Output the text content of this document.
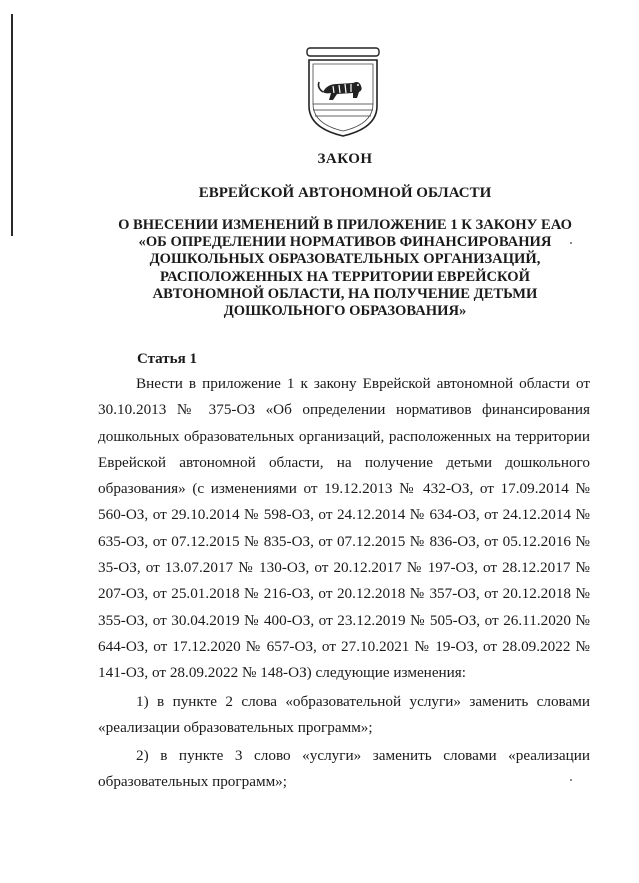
ЗАКОН
ЕВРЕЙСКОЙ АВТОНОМНОЙ ОБЛАСТИ
О ВНЕСЕНИИ ИЗМЕНЕНИЙ В ПРИЛОЖЕНИЕ 1 К ЗАКОНУ ЕАО
«ОБ ОПРЕДЕЛЕНИИ НОРМАТИВОВ ФИНАНСИРОВАНИЯ
ДОШКОЛЬНЫХ ОБРАЗОВАТЕЛЬНЫХ ОРГАНИЗАЦИЙ,
РАСПОЛОЖЕННЫХ НА ТЕРРИТОРИИ ЕВРЕЙСКОЙ
АВТОНОМНОЙ ОБЛАСТИ, НА ПОЛУЧЕНИЕ ДЕТЬМИ
ДОШКОЛЬНОГО ОБРАЗОВАНИЯ»
Статья 1

Внести в приложение 1 к закону Еврейской автономной области от 30.10.2013 № 375-ОЗ «Об определении нормативов финансирования дошкольных образовательных организаций, расположенных на территории Еврейской автономной области, на получение детьми дошкольного образования» (с изменениями от 19.12.2013 № 432-ОЗ, от 17.09.2014 № 560-ОЗ, от 29.10.2014 № 598-ОЗ, от 24.12.2014 № 634-ОЗ, от 24.12.2014 № 635-ОЗ, от 07.12.2015 № 835-ОЗ, от 07.12.2015 № 836-ОЗ, от 05.12.2016 № 35-ОЗ, от 13.07.2017 № 130-ОЗ, от 20.12.2017 № 197-ОЗ, от 28.12.2017 № 207-ОЗ, от 25.01.2018 № 216-ОЗ, от 20.12.2018 № 357-ОЗ, от 20.12.2018 № 355-ОЗ, от 30.04.2019 № 400-ОЗ, от 23.12.2019 № 505-ОЗ, от 26.11.2020 № 644-ОЗ, от 17.12.2020 № 657-ОЗ, от 27.10.2021 № 19-ОЗ, от 28.09.2022 № 141-ОЗ, от 28.09.2022 № 148-ОЗ) следующие изменения:

1) в пункте 2 слова «образовательной услуги» заменить словами «реализации образовательных программ»;

2) в пункте 3 слово «услуги» заменить словами «реализации образовательных программ»;
